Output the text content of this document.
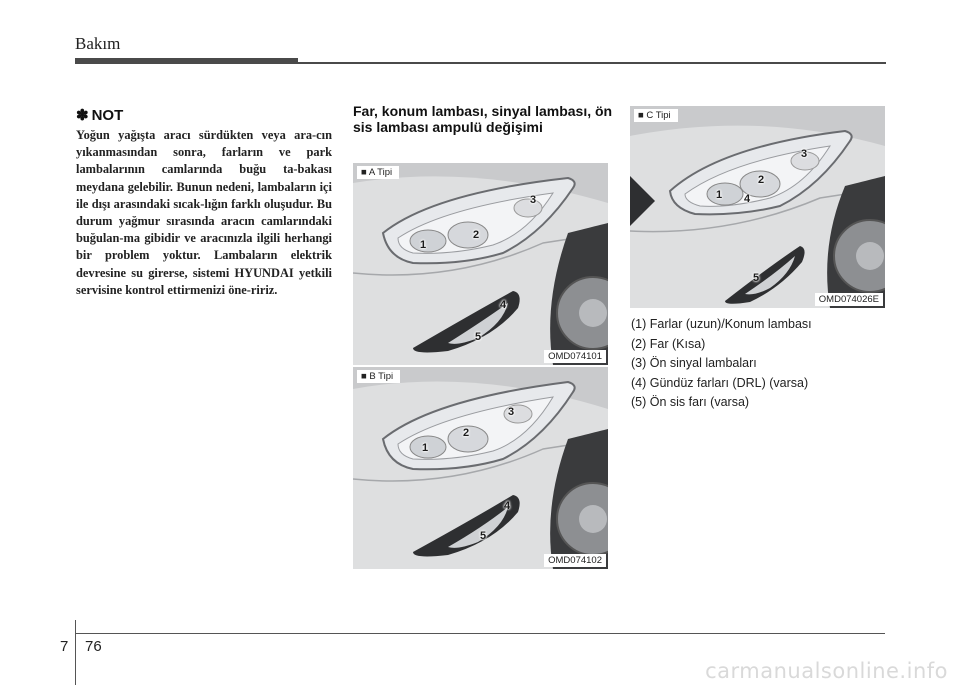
Bakım
✽ NOT
Yoğun yağışta aracı sürdükten veya ara-cın yıkanmasından sonra, farların ve park lambalarının camlarında buğu ta-bakası meydana gelebilir. Bunun nedeni, lambaların içi ile dışı arasındaki sıcak-lığın farklı oluşudur. Bu durum yağmur sırasında aracın camlarındaki buğulan-ma gibidir ve aracınızla ilgili herhangi bir problem yoktur. Lambaların elektrik devresine su girerse, sistemi HYUNDAI yetkili servisine kontrol ettirmenizi öne-ririz.
Far, konum lambası, sinyal lambası, ön sis lambası ampulü değişimi
■ A Tipi
1
2
3
4
5
OMD074101
■ B Tipi
1
2
3
4
5
OMD074102
■ C Tipi
1
2
3
4
5
OMD074026E
(1) Farlar (uzun)/Konum lambası
(2) Far (Kısa)
(3) Ön sinyal lambaları
(4) Gündüz farları (DRL) (varsa)
(5) Ön sis farı (varsa)
7 76
carmanualsonline.info
